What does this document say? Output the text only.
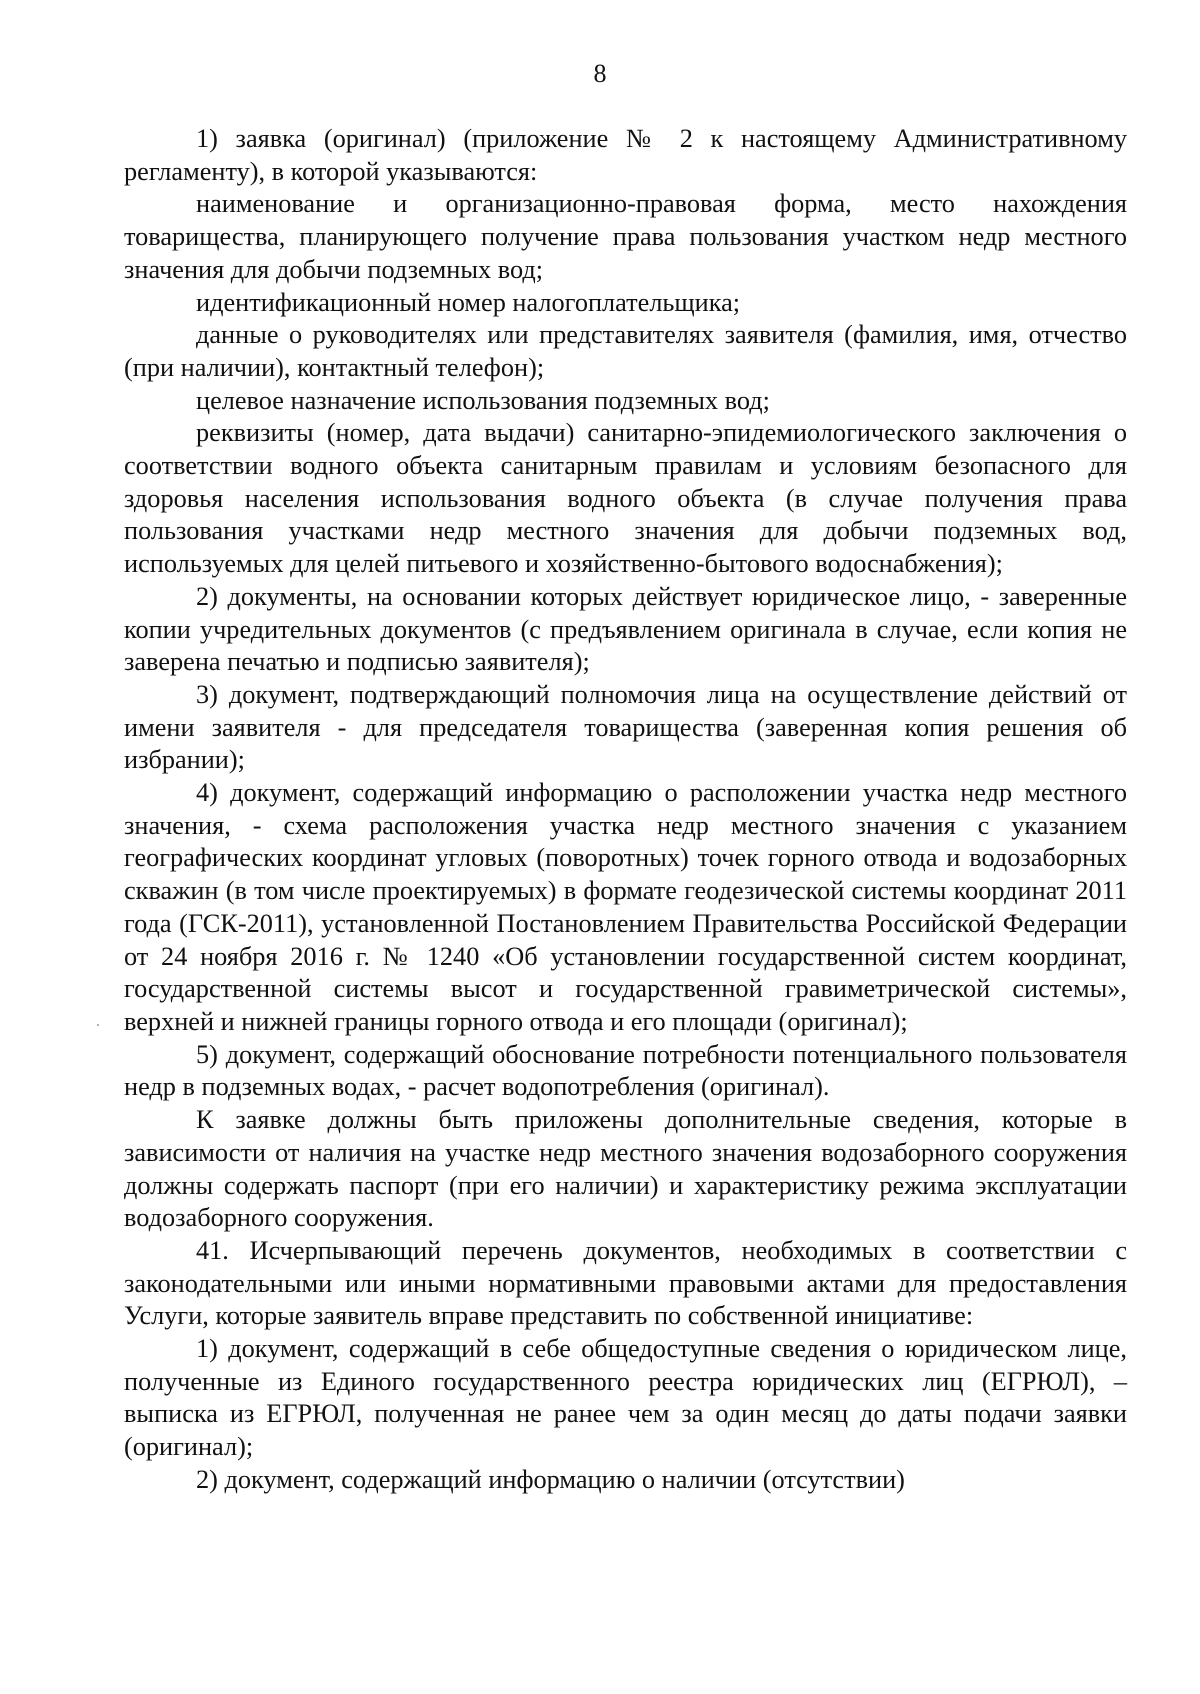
8

1) заявка (оригинал) (приложение № 2 к настоящему Административному регламенту), в которой указываются:

наименование и организационно-правовая форма, место нахождения товарищества, планирующего получение права пользования участком недр местного значения для добычи подземных вод;

идентификационный номер налогоплательщика;

данные о руководителях или представителях заявителя (фамилия, имя, отчество (при наличии), контактный телефон);

целевое назначение использования подземных вод;

реквизиты (номер, дата выдачи) санитарно-эпидемиологического заключения о соответствии водного объекта санитарным правилам и условиям безопасного для здоровья населения использования водного объекта (в случае получения права пользования участками недр местного значения для добычи подземных вод, используемых для целей питьевого и хозяйственно-бытового водоснабжения);

2) документы, на основании которых действует юридическое лицо, - заверенные копии учредительных документов (с предъявлением оригинала в случае, если копия не заверена печатью и подписью заявителя);

3) документ, подтверждающий полномочия лица на осуществление действий от имени заявителя - для председателя товарищества (заверенная копия решения об избрании);

4) документ, содержащий информацию о расположении участка недр местного значения, - схема расположения участка недр местного значения с указанием географических координат угловых (поворотных) точек горного отвода и водозаборных скважин (в том числе проектируемых) в формате геодезической системы координат 2011 года (ГСК-2011), установленной Постановлением Правительства Российской Федерации от 24 ноября 2016 г. № 1240 «Об установлении государственной систем координат, государственной системы высот и государственной гравиметрической системы», верхней и нижней границы горного отвода и его площади (оригинал);

5) документ, содержащий обоснование потребности потенциального пользователя недр в подземных водах, - расчет водопотребления (оригинал).

К заявке должны быть приложены дополнительные сведения, которые в зависимости от наличия на участке недр местного значения водозаборного сооружения должны содержать паспорт (при его наличии) и характеристику режима эксплуатации водозаборного сооружения.

41. Исчерпывающий перечень документов, необходимых в соответствии с законодательными или иными нормативными правовыми актами для предоставления Услуги, которые заявитель вправе представить по собственной инициативе:

1) документ, содержащий в себе общедоступные сведения о юридическом лице, полученные из Единого государственного реестра юридических лиц (ЕГРЮЛ), – выписка из ЕГРЮЛ, полученная не ранее чем за один месяц до даты подачи заявки (оригинал);

2) документ, содержащий информацию о наличии (отсутствии)
